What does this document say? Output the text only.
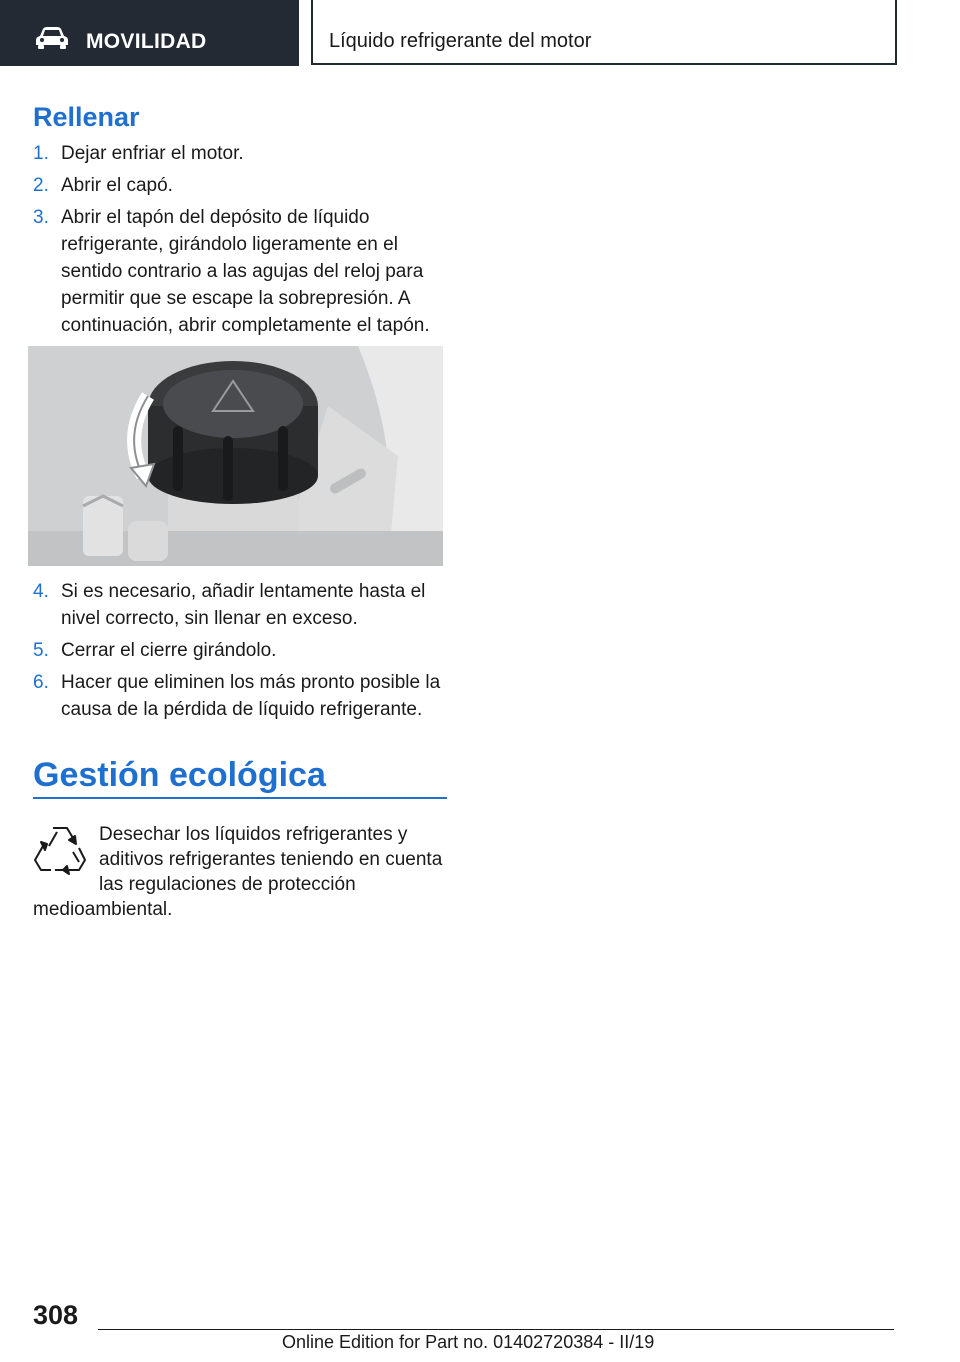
MOVILIDAD	Líquido refrigerante del motor
Rellenar
1. Dejar enfriar el motor.
2. Abrir el capó.
3. Abrir el tapón del depósito de líquido refrigerante, girándolo ligeramente en el sentido contrario a las agujas del reloj para permitir que se escape la sobrepresión. A continuación, abrir completamente el tapón.
4. Si es necesario, añadir lentamente hasta el nivel correcto, sin llenar en exceso.
5. Cerrar el cierre girándolo.
6. Hacer que eliminen los más pronto posible la causa de la pérdida de líquido refrigerante.
Gestión ecológica
Desechar los líquidos refrigerantes y aditivos refrigerantes teniendo en cuenta las regulaciones de protección medioambiental.
308
Online Edition for Part no. 01402720384 - II/19
